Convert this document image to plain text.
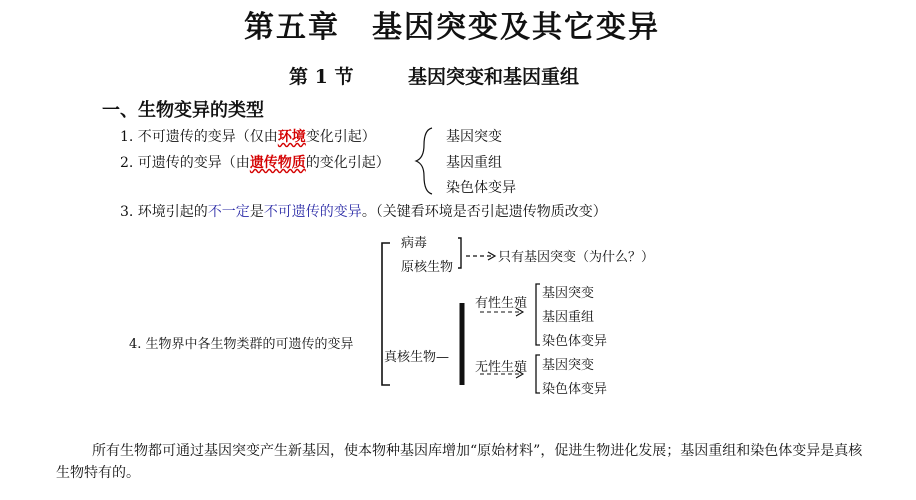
第五章　基因突变及其它变异
第 1 节	基因突变和基因重组
一、生物变异的类型
1. 不可遗传的变异（仅由环境变化引起）
2. 可遗传的变异（由遗传物质的变化引起）
基因突变
基因重组
染色体变异
3. 环境引起的不一定是不可遗传的变异。（关键看环境是否引起遗传物质改变）
4. 生物界中各生物类群的可遗传的变异
病毒
原核生物
只有基因突变（为什么？）
真核生物—
有性生殖
基因突变
基因重组
染色体变异
无性生殖 基因突变
染色体变异
所有生物都可通过基因突变产生新基因，使本物种基因库增加“原始材料”，促进生物进化发展；基因重组和染色体变异是真核生物特有的。
